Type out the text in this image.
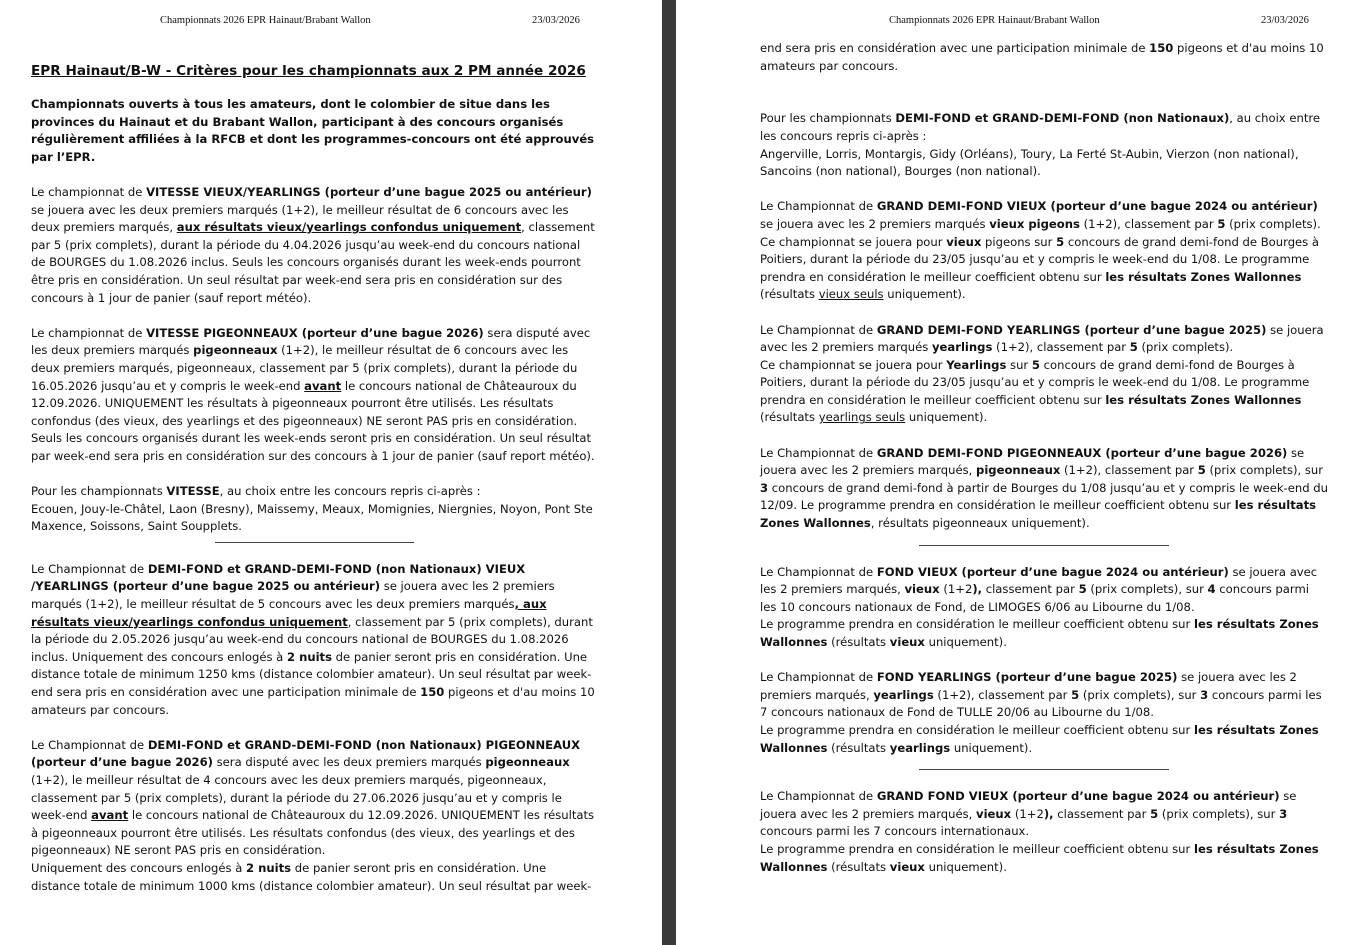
Championnats 2026 EPR Hainaut/Brabant Wallon	23/03/2026
EPR Hainaut/B-W - Critères pour les championnats aux 2 PM année 2026

Championnats ouverts à tous les amateurs, dont le colombier de situe dans les provinces du Hainaut et du Brabant Wallon, participant à des concours organisés régulièrement affiliées à la RFCB et dont les programmes-concours ont été approuvés par l’EPR.

Le championnat de VITESSE VIEUX/YEARLINGS (porteur d’une bague 2025 ou antérieur) se jouera avec les deux premiers marqués (1+2), le meilleur résultat de 6 concours avec les deux premiers marqués, aux résultats vieux/yearlings confondus uniquement, classement par 5 (prix complets), durant la période du 4.04.2026 jusqu’au week-end du concours national de BOURGES du 1.08.2026 inclus. Seuls les concours organisés durant les week-ends pourront être pris en considération. Un seul résultat par week-end sera pris en considération sur des concours à 1 jour de panier (sauf report météo).

Le championnat de VITESSE PIGEONNEAUX (porteur d’une bague 2026) sera disputé avec les deux premiers marqués pigeonneaux (1+2), le meilleur résultat de 6 concours avec les deux premiers marqués, pigeonneaux, classement par 5 (prix complets), durant la période du 16.05.2026 jusqu’au et y compris le week-end avant le concours national de Châteauroux du 12.09.2026. UNIQUEMENT les résultats à pigeonneaux pourront être utilisés. Les résultats confondus (des vieux, des yearlings et des pigeonneaux) NE seront PAS pris en considération. Seuls les concours organisés durant les week-ends seront pris en considération. Un seul résultat par week-end sera pris en considération sur des concours à 1 jour de panier (sauf report météo).

Pour les championnats VITESSE, au choix entre les concours repris ci-après :

Ecouen, Jouy-le-Châtel, Laon (Bresny), Maissemy, Meaux, Momignies, Niergnies, Noyon, Pont Ste Maxence, Soissons, Saint Soupplets.

Le Championnat de DEMI-FOND et GRAND-DEMI-FOND (non Nationaux) VIEUX /YEARLINGS (porteur d’une bague 2025 ou antérieur) se jouera avec les 2 premiers marqués (1+2), le meilleur résultat de 5 concours avec les deux premiers marqués, aux résultats vieux/yearlings confondus uniquement, classement par 5 (prix complets), durant la période du 2.05.2026 jusqu’au week-end du concours national de BOURGES du 1.08.2026 inclus. Uniquement des concours enlogés à 2 nuits de panier seront pris en considération. Une distance totale de minimum 1250 kms (distance colombier amateur). Un seul résultat par week-end sera pris en considération avec une participation minimale de 150 pigeons et d'au moins 10 amateurs par concours.

Le Championnat de DEMI-FOND et GRAND-DEMI-FOND (non Nationaux) PIGEONNEAUX (porteur d’une bague 2026) sera disputé avec les deux premiers marqués pigeonneaux (1+2), le meilleur résultat de 4 concours avec les deux premiers marqués, pigeonneaux, classement par 5 (prix complets), durant la période du 27.06.2026 jusqu’au et y compris le week-end avant le concours national de Châteauroux du 12.09.2026. UNIQUEMENT les résultats à pigeonneaux pourront être utilisés. Les résultats confondus (des vieux, des yearlings et des pigeonneaux) NE seront PAS pris en considération.

Uniquement des concours enlogés à 2 nuits de panier seront pris en considération. Une distance totale de minimum 1000 kms (distance colombier amateur). Un seul résultat par week-

Championnats 2026 EPR Hainaut/Brabant Wallon	23/03/2026

end sera pris en considération avec une participation minimale de 150 pigeons et d'au moins 10 amateurs par concours.

Pour les championnats DEMI-FOND et GRAND-DEMI-FOND (non Nationaux), au choix entre les concours repris ci-après :
Angerville, Lorris, Montargis, Gidy (Orléans), Toury, La Ferté St-Aubin, Vierzon (non national), Sancoins (non national), Bourges (non national).

Le Championnat de GRAND DEMI-FOND VIEUX (porteur d’une bague 2024 ou antérieur) se jouera avec les 2 premiers marqués vieux pigeons (1+2), classement par 5 (prix complets).
Ce championnat se jouera pour vieux pigeons sur 5 concours de grand demi-fond de Bourges à Poitiers, durant la période du 23/05 jusqu’au et y compris le week-end du 1/08. Le programme prendra en considération le meilleur coefficient obtenu sur les résultats Zones Wallonnes (résultats vieux seuls uniquement).

Le Championnat de GRAND DEMI-FOND YEARLINGS (porteur d’une bague 2025) se jouera avec les 2 premiers marqués yearlings (1+2), classement par 5 (prix complets).
Ce championnat se jouera pour Yearlings sur 5 concours de grand demi-fond de Bourges à Poitiers, durant la période du 23/05 jusqu’au et y compris le week-end du 1/08. Le programme prendra en considération le meilleur coefficient obtenu sur les résultats Zones Wallonnes (résultats yearlings seuls uniquement).

Le Championnat de GRAND DEMI-FOND PIGEONNEAUX (porteur d’une bague 2026) se jouera avec les 2 premiers marqués, pigeonneaux (1+2), classement par 5 (prix complets), sur 3 concours de grand demi-fond à partir de Bourges du 1/08 jusqu’au et y compris le week-end du 12/09. Le programme prendra en considération le meilleur coefficient obtenu sur les résultats Zones Wallonnes, résultats pigeonneaux uniquement).

Le Championnat de FOND VIEUX (porteur d’une bague 2024 ou antérieur) se jouera avec les 2 premiers marqués, vieux (1+2), classement par 5 (prix complets), sur 4 concours parmi les 10 concours nationaux de Fond, de LIMOGES 6/06 au Libourne du 1/08.
Le programme prendra en considération le meilleur coefficient obtenu sur les résultats Zones Wallonnes (résultats vieux uniquement).

Le Championnat de FOND YEARLINGS (porteur d’une bague 2025) se jouera avec les 2 premiers marqués, yearlings (1+2), classement par 5 (prix complets), sur 3 concours parmi les 7 concours nationaux de Fond de TULLE 20/06 au Libourne du 1/08.
Le programme prendra en considération le meilleur coefficient obtenu sur les résultats Zones Wallonnes (résultats yearlings uniquement).

Le Championnat de GRAND FOND VIEUX (porteur d’une bague 2024 ou antérieur) se jouera avec les 2 premiers marqués, vieux (1+2), classement par 5 (prix complets), sur 3 concours parmi les 7 concours internationaux.
Le programme prendra en considération le meilleur coefficient obtenu sur les résultats Zones Wallonnes (résultats vieux uniquement).
